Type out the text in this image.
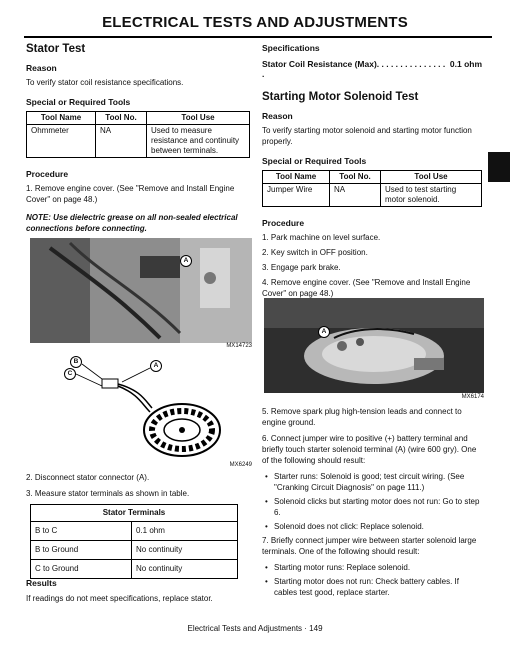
ELECTRICAL TESTS AND ADJUSTMENTS
Stator Test
Reason
To verify stator coil resistance specifications.
Special or Required Tools
Tool Name	Tool No.	Tool Use
Ohmmeter	NA	Used to measure resistance and continuity between terminals.
Procedure
1. Remove engine cover. (See "Remove and Install Engine Cover" on page 48.)
NOTE: Use dielectric grease on all non-sealed electrical connections before connecting.
A
MX14723
B
A
C
MX6249
2. Disconnect stator connector (A).
3. Measure stator terminals as shown in table.
Stator Terminals	
B to C	0.1 ohm
B to Ground	No continuity
C to Ground	No continuity
Results
If readings do not meet specifications, replace stator.
Specifications
Stator Coil Resistance (Max). . . . . . . . . . . . . . . .
0.1 ohm
Starting Motor Solenoid Test
Reason
To verify starting motor solenoid and starting motor function properly.
Special or Required Tools
Tool Name	Tool No.	Tool Use
Jumper Wire	NA	Used to test starting motor solenoid.
Procedure
1. Park machine on level surface.
2. Key switch in OFF position.
3. Engage park brake.
4. Remove engine cover. (See "Remove and Install Engine Cover" on page 48.)
A
MX6174
5. Remove spark plug high-tension leads and connect to engine ground.
6. Connect jumper wire to positive (+) battery terminal and briefly touch starter solenoid terminal (A) (wire 600 gry). One of the following should result:
• Starter runs: Solenoid is good; test circuit wiring. (See "Cranking Circuit Diagnosis" on page 111.)
• Solenoid clicks but starting motor does not run: Go to step 6.
• Solenoid does not click: Replace solenoid.
7. Briefly connect jumper wire between starter solenoid large terminals. One of the following should result:
• Starting motor runs: Replace solenoid.
• Starting motor does not run: Check battery cables. If cables test good, replace starter.
Electrical Tests and Adjustments · 149
